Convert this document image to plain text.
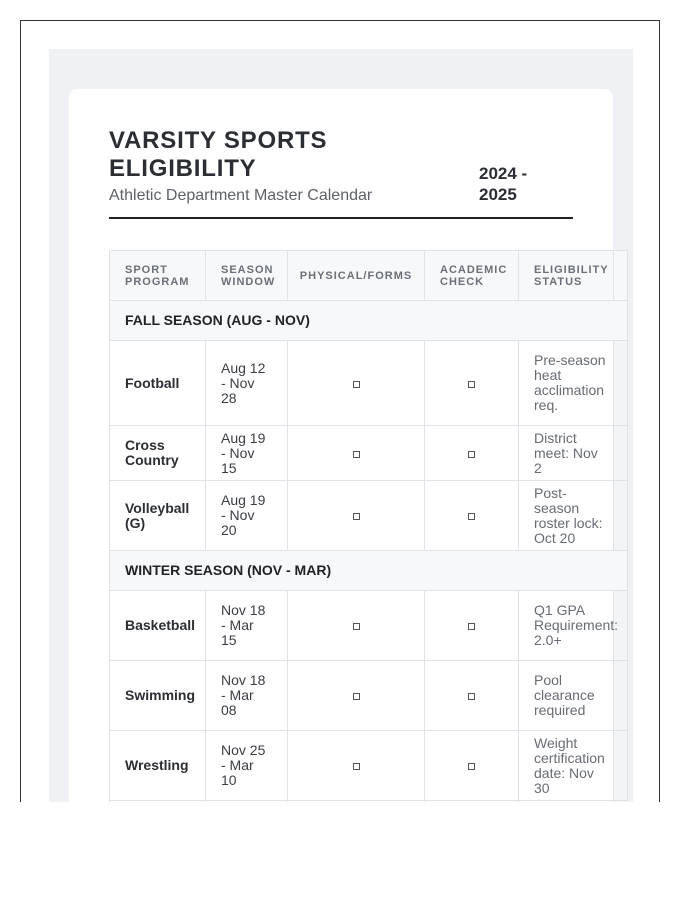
VARSITY SPORTS ELIGIBILITY
Athletic Department Master Calendar
2024 - 2025
SPORT PROGRAM	SEASON WINDOW	PHYSICAL/FORMS	ACADEMIC CHECK	ELIGIBILITY STATUS	
FALL SEASON (AUG - NOV)					
Football	Aug 12 - Nov 28			Pre-season heat acclimation req.	
Cross Country	Aug 19 - Nov 15			District meet: Nov 2	
Volleyball (G)	Aug 19 - Nov 20			Post-season roster lock: Oct 20	
WINTER SEASON (NOV - MAR)					
Basketball	Nov 18 - Mar 15			Q1 GPA Requirement: 2.0+	
Swimming	Nov 18 - Mar 08			Pool clearance required	
Wrestling	Nov 25 - Mar 10			Weight certification date: Nov 30	
